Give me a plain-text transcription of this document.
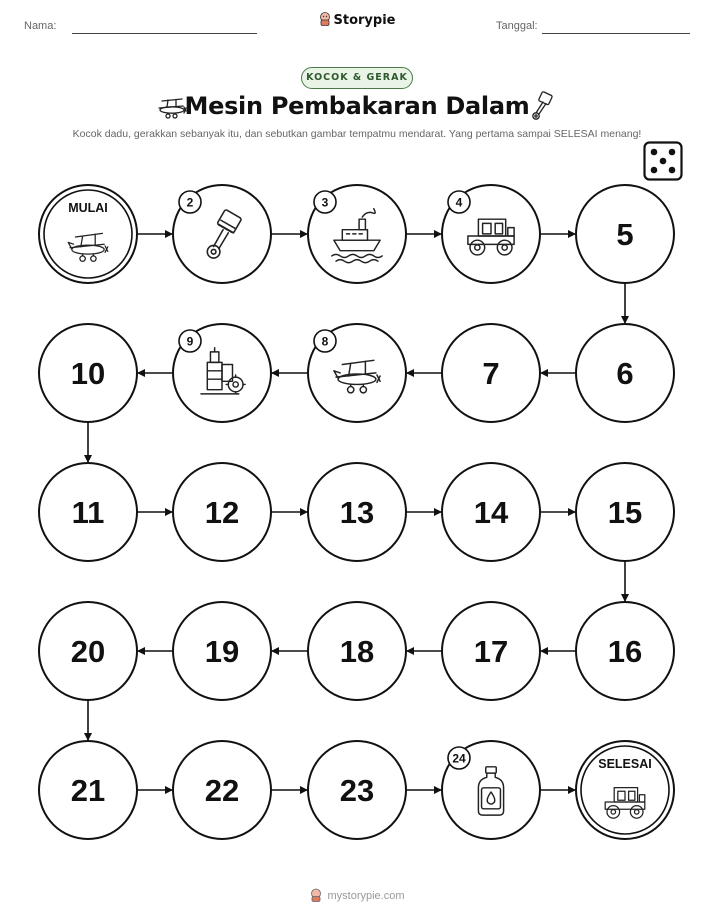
Nama:	Storypie	Tanggal:
KOCOK & GERAK
Mesin Pembakaran Dalam
Kocok dadu, gerakkan sebanyak itu, dan sebutkan gambar tempatmu mendarat. Yang pertama sampai SELESAI menang!
MULAI	2	3	4
5
6
7
8
9
10
11	12	13	14	15
16
17
18
19
20
21	22	23
24	SELESAI
mystorypie.com
